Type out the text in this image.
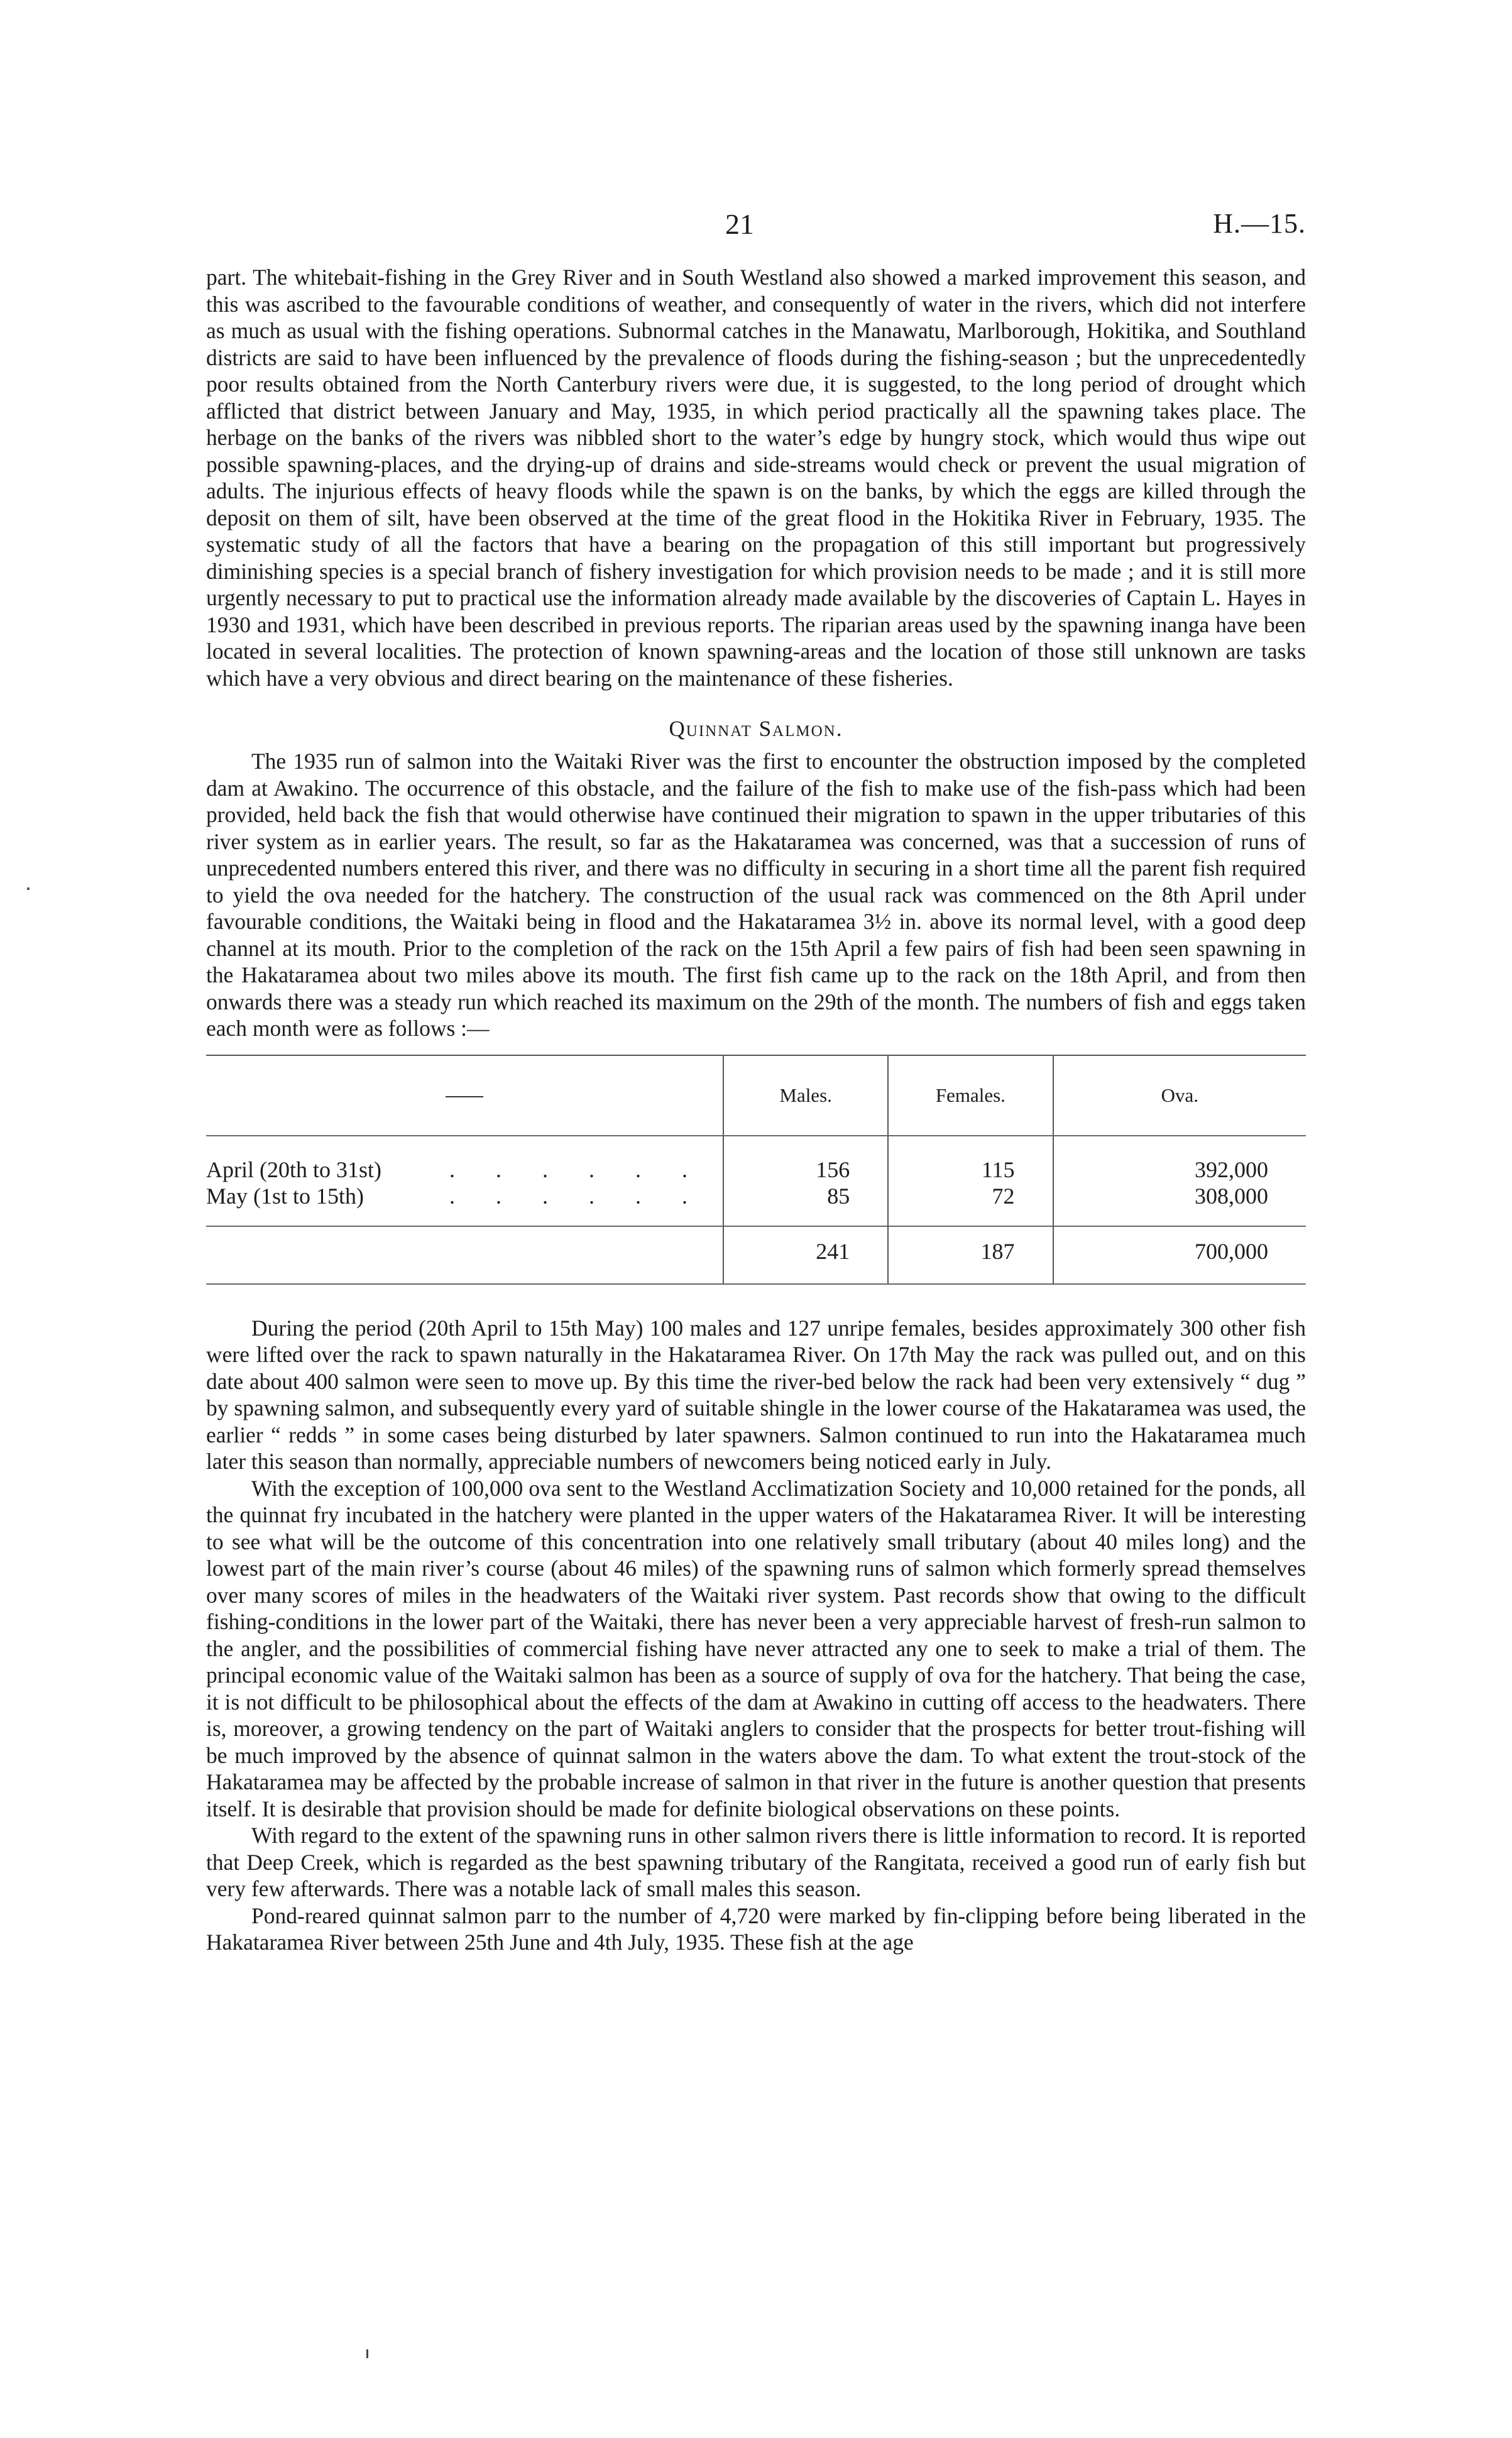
21	H.—15.

part. The whitebait-fishing in the Grey River and in South Westland also showed a marked improvement this season, and this was ascribed to the favourable conditions of weather, and consequently of water in the rivers, which did not interfere as much as usual with the fishing operations. Subnormal catches in the Manawatu, Marlborough, Hokitika, and Southland districts are said to have been influenced by the prevalence of floods during the fishing-season ; but the unprecedentedly poor results obtained from the North Canterbury rivers were due, it is suggested, to the long period of drought which afflicted that district between January and May, 1935, in which period practically all the spawning takes place. The herbage on the banks of the rivers was nibbled short to the water’s edge by hungry stock, which would thus wipe out possible spawning-places, and the drying-up of drains and side-streams would check or prevent the usual migration of adults. The injurious effects of heavy floods while the spawn is on the banks, by which the eggs are killed through the deposit on them of silt, have been observed at the time of the great flood in the Hokitika River in February, 1935. The systematic study of all the factors that have a bearing on the propagation of this still important but progressively diminishing species is a special branch of fishery investigation for which provision needs to be made ; and it is still more urgently necessary to put to practical use the information already made available by the discoveries of Captain L. Hayes in 1930 and 1931, which have been described in previous reports. The riparian areas used by the spawning inanga have been located in several localities. The protection of known spawning-areas and the location of those still unknown are tasks which have a very obvious and direct bearing on the maintenance of these fisheries.

Quinnat Salmon.

The 1935 run of salmon into the Waitaki River was the first to encounter the obstruction imposed by the completed dam at Awakino. The occurrence of this obstacle, and the failure of the fish to make use of the fish-pass which had been provided, held back the fish that would otherwise have continued their migration to spawn in the upper tributaries of this river system as in earlier years. The result, so far as the Hakataramea was concerned, was that a succession of runs of unprecedented numbers entered this river, and there was no difficulty in securing in a short time all the parent fish required to yield the ova needed for the hatchery. The construction of the usual rack was commenced on the 8th April under favourable conditions, the Waitaki being in flood and the Hakataramea 3½ in. above its normal level, with a good deep channel at its mouth. Prior to the completion of the rack on the 15th April a few pairs of fish had been seen spawning in the Hakataramea about two miles above its mouth. The first fish came up to the rack on the 18th April, and from then onwards there was a steady run which reached its maximum on the 29th of the month. The numbers of fish and eggs taken each month were as follows :—

	Males.	Females.	Ova.

April (20th to 31st) . . . . . .	156	115	392,000

May (1st to 15th) . . . . . .	85	72	308,000
	241	187	700,000

During the period (20th April to 15th May) 100 males and 127 unripe females, besides approximately 300 other fish were lifted over the rack to spawn naturally in the Hakataramea River. On 17th May the rack was pulled out, and on this date about 400 salmon were seen to move up. By this time the river-bed below the rack had been very extensively “ dug ” by spawning salmon, and subsequently every yard of suitable shingle in the lower course of the Hakataramea was used, the earlier “ redds ” in some cases being disturbed by later spawners. Salmon continued to run into the Hakataramea much later this season than normally, appreciable numbers of newcomers being noticed early in July.

With the exception of 100,000 ova sent to the Westland Acclimatization Society and 10,000 retained for the ponds, all the quinnat fry incubated in the hatchery were planted in the upper waters of the Hakataramea River. It will be interesting to see what will be the outcome of this concentration into one relatively small tributary (about 40 miles long) and the lowest part of the main river’s course (about 46 miles) of the spawning runs of salmon which formerly spread themselves over many scores of miles in the headwaters of the Waitaki river system. Past records show that owing to the difficult fishing-conditions in the lower part of the Waitaki, there has never been a very appreciable harvest of fresh-run salmon to the angler, and the possibilities of commercial fishing have never attracted any one to seek to make a trial of them. The principal economic value of the Waitaki salmon has been as a source of supply of ova for the hatchery. That being the case, it is not difficult to be philosophical about the effects of the dam at Awakino in cutting off access to the headwaters. There is, moreover, a growing tendency on the part of Waitaki anglers to consider that the prospects for better trout-fishing will be much improved by the absence of quinnat salmon in the waters above the dam. To what extent the trout-stock of the Hakataramea may be affected by the probable increase of salmon in that river in the future is another question that presents itself. It is desirable that provision should be made for definite biological observations on these points.

With regard to the extent of the spawning runs in other salmon rivers there is little information to record. It is reported that Deep Creek, which is regarded as the best spawning tributary of the Rangitata, received a good run of early fish but very few afterwards. There was a notable lack of small males this season.

Pond-reared quinnat salmon parr to the number of 4,720 were marked by fin-clipping before being liberated in the Hakataramea River between 25th June and 4th July, 1935. These fish at the age
